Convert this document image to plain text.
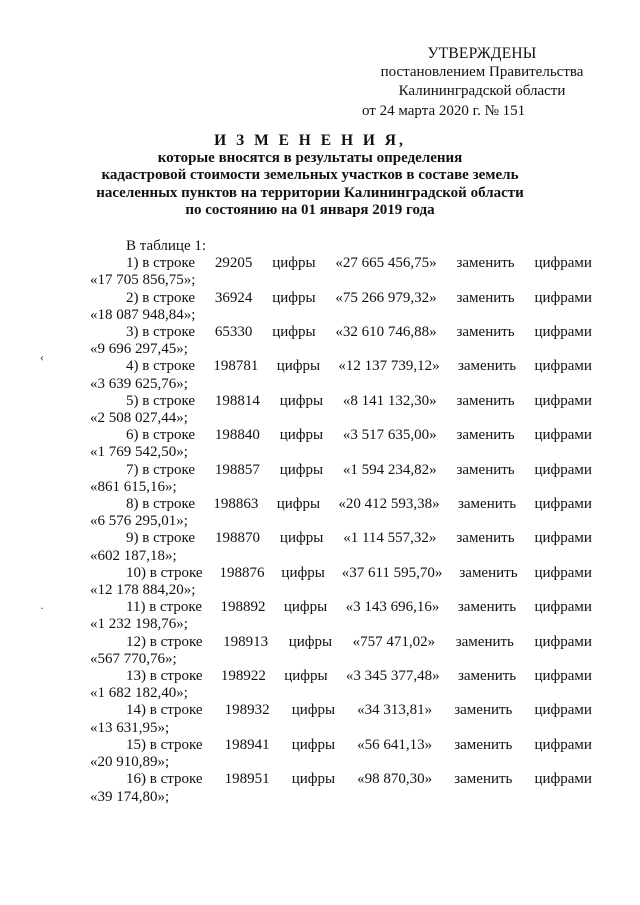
УТВЕРЖДЕНЫ
постановлением Правительства
Калининградской области
от 24 марта 2020 г. № 151
И З М Е Н Е Н И Я,
которые вносятся в результаты определения
кадастровой стоимости земельных участков в составе земель
населенных пунктов на территории Калининградской области
по состоянию на 01 января 2019 года
В таблице 1:
1) в строке 29205 цифры «27 665 456,75» заменить цифрами
«17 705 856,75»;
2) в строке 36924 цифры «75 266 979,32» заменить цифрами
«18 087 948,84»;
3) в строке 65330 цифры «32 610 746,88» заменить цифрами
«9 696 297,45»;
4) в строке 198781 цифры «12 137 739,12» заменить цифрами
«3 639 625,76»;
5) в строке 198814 цифры «8 141 132,30» заменить цифрами
«2 508 027,44»;
6) в строке 198840 цифры «3 517 635,00» заменить цифрами
«1 769 542,50»;
7) в строке 198857 цифры «1 594 234,82» заменить цифрами
«861 615,16»;
8) в строке 198863 цифры «20 412 593,38» заменить цифрами
«6 576 295,01»;
9) в строке 198870 цифры «1 114 557,32» заменить цифрами
«602 187,18»;
10) в строке 198876 цифры «37 611 595,70» заменить цифрами
«12 178 884,20»;
11) в строке 198892 цифры «3 143 696,16» заменить цифрами
«1 232 198,76»;
12) в строке 198913 цифры «757 471,02» заменить цифрами
«567 770,76»;
13) в строке 198922 цифры «3 345 377,48» заменить цифрами
«1 682 182,40»;
14) в строке 198932 цифры «34 313,81» заменить цифрами
«13 631,95»;
15) в строке 198941 цифры «56 641,13» заменить цифрами
«20 910,89»;
16) в строке 198951 цифры «98 870,30» заменить цифрами
«39 174,80»;
‹
·
